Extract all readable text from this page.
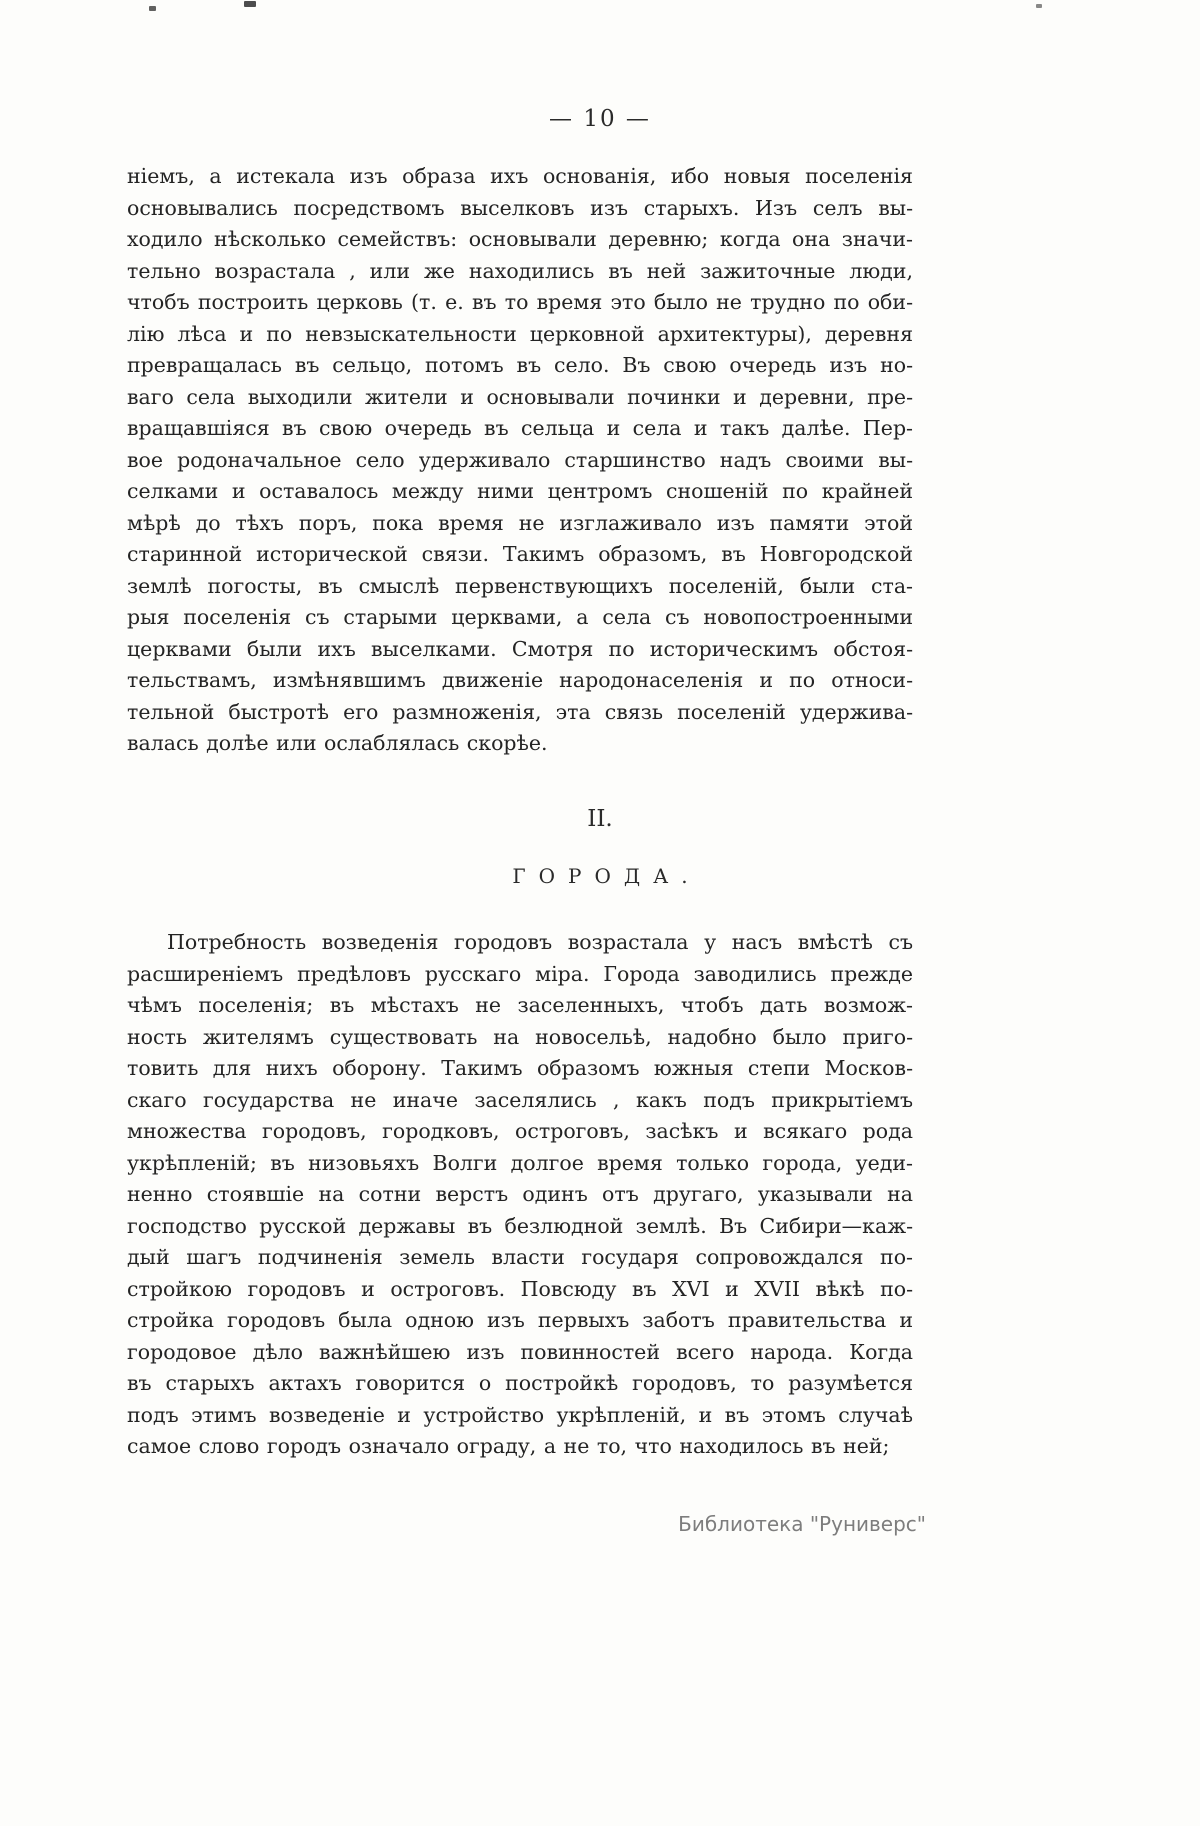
— 10 —
ніемъ, а истекала изъ образа ихъ основанія, ибо новыя поселенія
основывались посредствомъ выселковъ изъ старыхъ. Изъ селъ вы-
ходило нѣсколько семействъ: основывали деревню; когда она значи-
тельно возрастала , или же находились въ ней зажиточные люди,
чтобъ построить церковь (т. е. въ то время это было не трудно по оби-
лію лѣса и по невзыскательности церковной архитектуры), деревня
превращалась въ сельцо, потомъ въ село. Въ свою очередь изъ но-
ваго села выходили жители и основывали починки и деревни, пре-
вращавшіяся въ свою очередь въ сельца и села и такъ далѣе. Пер-
вое родоначальное село удерживало старшинство надъ своими вы-
селками и оставалось между ними центромъ сношеній по крайней
мѣрѣ до тѣхъ поръ, пока время не изглаживало изъ памяти этой
старинной исторической связи. Такимъ образомъ, въ Новгородской
землѣ погосты, въ смыслѣ первенствующихъ поселеній, были ста-
рыя поселенія съ старыми церквами, а села съ новопостроенными
церквами были ихъ выселками. Смотря по историческимъ обстоя-
тельствамъ, измѣнявшимъ движеніе народонаселенія и по относи-
тельной быстротѣ его размноженія, эта связь поселеній удержива-
валась долѣе или ослаблялась скорѣе.
II.
ГОРОДА.
Потребность возведенія городовъ возрастала у насъ вмѣстѣ съ
расширеніемъ предѣловъ русскаго міра. Города заводились прежде
чѣмъ поселенія; въ мѣстахъ не заселенныхъ, чтобъ дать возмож-
ность жителямъ существовать на новосельѣ, надобно было приго-
товить для нихъ оборону. Такимъ образомъ южныя степи Москов-
скаго государства не иначе заселялись , какъ подъ прикрытіемъ
множества городовъ, городковъ, остроговъ, засѣкъ и всякаго рода
укрѣпленій; въ низовьяхъ Волги долгое время только города, уеди-
ненно стоявшіе на сотни верстъ одинъ отъ другаго, указывали на
господство русской державы въ безлюдной землѣ. Въ Сибири—каж-
дый шагъ подчиненія земель власти государя сопровождался по-
стройкою городовъ и остроговъ. Повсюду въ XVI и XVII вѣкѣ по-
стройка городовъ была одною изъ первыхъ заботъ правительства и
городовое дѣло важнѣйшею изъ повинностей всего народа. Когда
въ старыхъ актахъ говорится о постройкѣ городовъ, то разумѣется
подъ этимъ возведеніе и устройство укрѣпленій, и въ этомъ случаѣ
самое слово городъ означало ограду, а не то, что находилось въ ней;
Библиотека "Руниверс"
